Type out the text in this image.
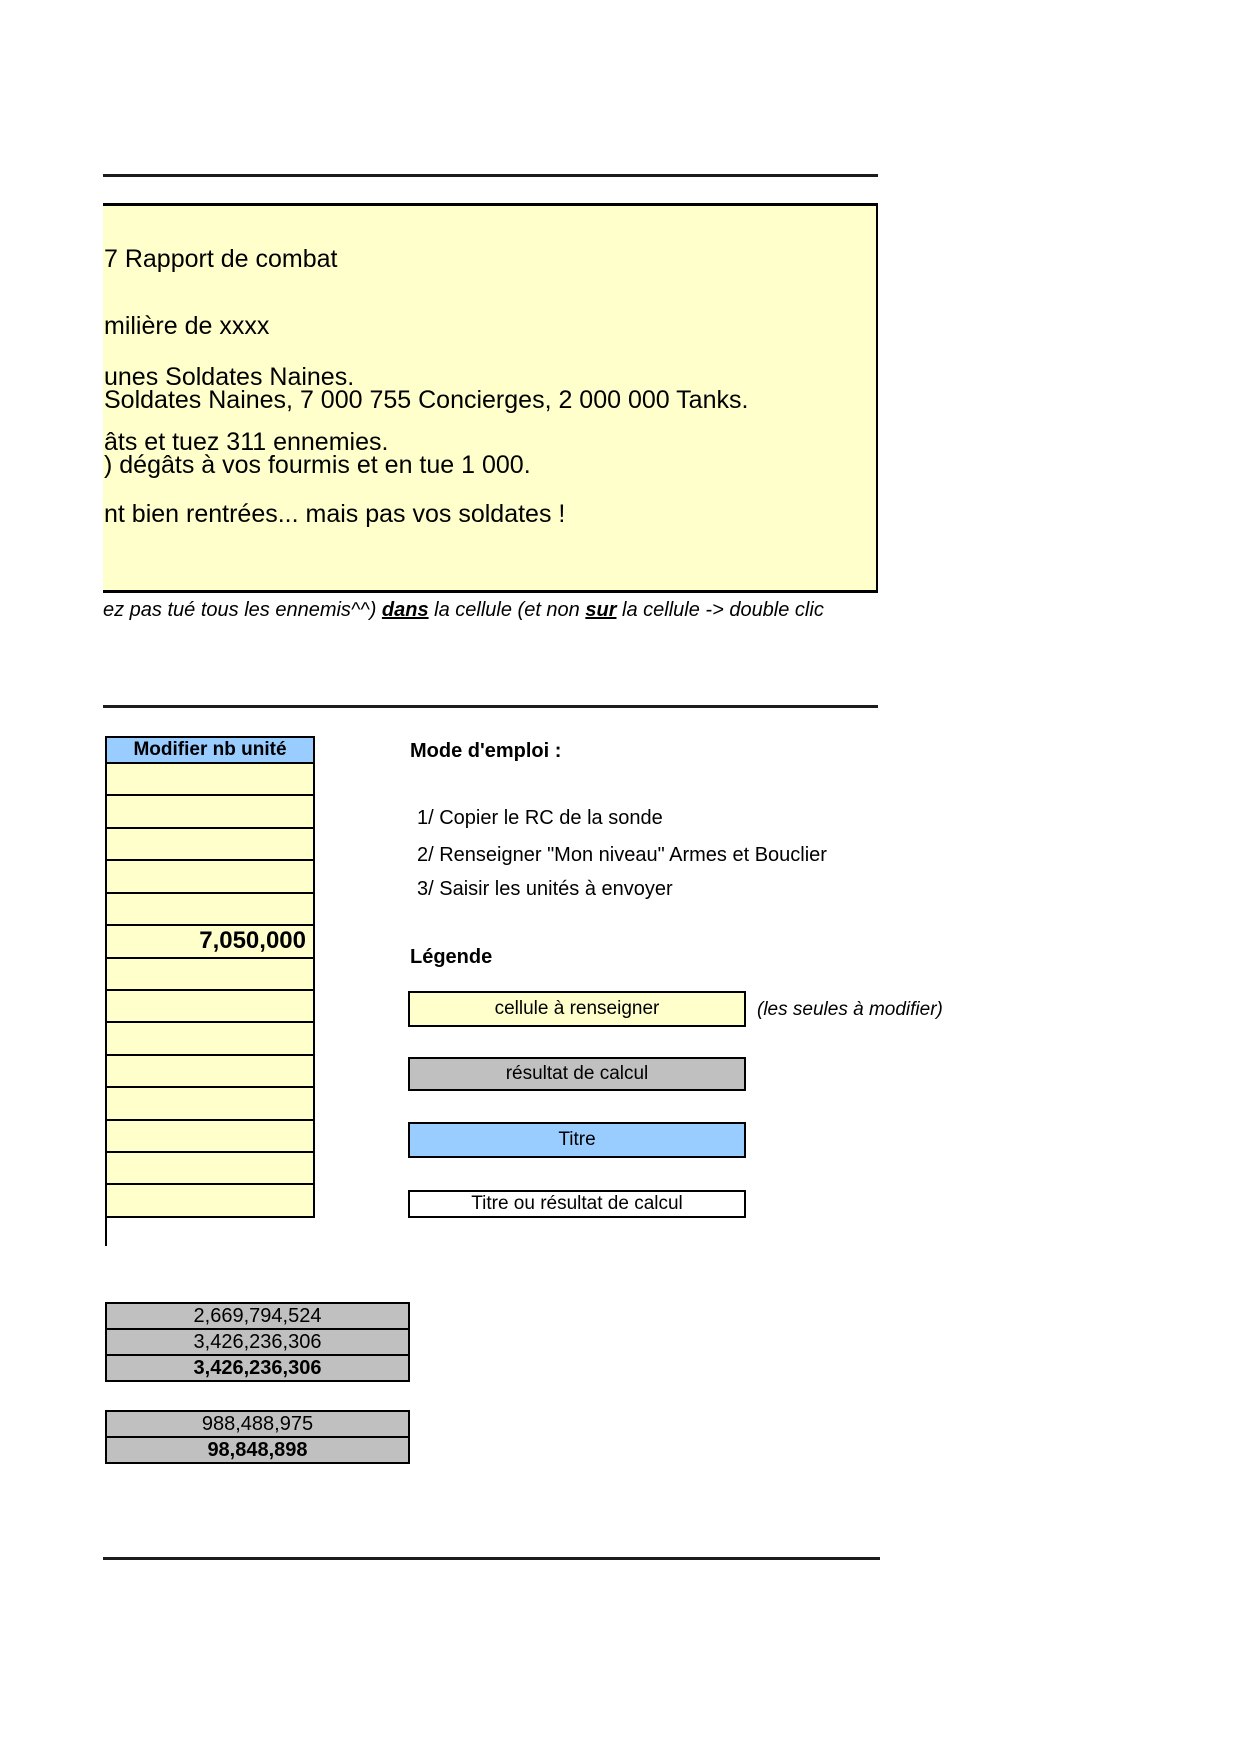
7 Rapport de combat
milière de xxxx
unes Soldates Naines.
Soldates Naines, 7 000 755 Concierges, 2 000 000 Tanks.
âts et tuez 311 ennemies.
) dégâts à vos fourmis et en tue 1 000.
nt bien rentrées... mais pas vos soldates !
ez pas tué tous les ennemis^^) dans la cellule (et non sur la cellule -> double clic
Modifier nb unité
7,050,000
Mode d'emploi :
1/ Copier le RC de la sonde
2/ Renseigner "Mon niveau" Armes et Bouclier
3/ Saisir les unités à envoyer
Légende
cellule à renseigner	(les seules à modifier)
résultat de calcul
Titre
Titre ou résultat de calcul
2,669,794,524
3,426,236,306
3,426,236,306
988,488,975
98,848,898
